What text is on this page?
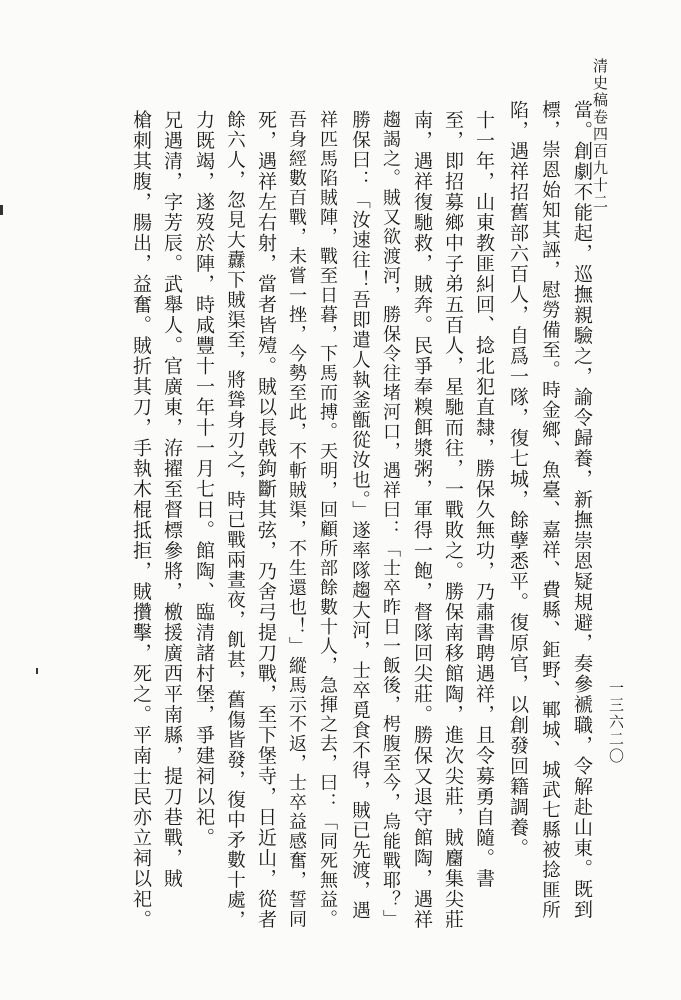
清史稿卷四百九十二
一三六二〇
當。創劇不能起，巡撫親驗之，諭令歸養，新撫崇恩疑規避，奏參褫職，令解赴山東。既到
標，崇恩始知其誣，慰勞備至。時金鄉、魚臺、嘉祥、費縣、鉅野、鄆城、城武七縣被捻匪所
陷，遇祥招舊部六百人，自爲一隊，復七城，餘孽悉平。復原官，以創發回籍調養。
十一年，山東教匪糾回、捻北犯直隸，勝保久無功，乃肅書聘遇祥，且令募勇自隨。書
至，即招募鄉中子弟五百人，星馳而往，一戰敗之。勝保南移館陶，進次尖莊，賊麕集尖莊
南，遇祥復馳救，賊奔。民爭奉糗餌漿粥，軍得一飽，督隊回尖莊。勝保又退守館陶，遇祥
趨謁之。賊又欲渡河，勝保令往堵河口，遇祥曰：「士卒昨日一飯後，枵腹至今，烏能戰耶？」
勝保曰：「汝速往！吾即遣人執釜甑從汝也。」遂率隊趨大河，士卒覓食不得，賊已先渡，遇
祥匹馬陷賊陣，戰至日暮，下馬而搏。天明，回顧所部餘數十人，急揮之去，曰：「同死無益。
吾身經數百戰，未嘗一挫，今勢至此，不斬賊渠，不生還也！」縱馬示不返，士卒益感奮，誓同
死，遇祥左右射，當者皆殪。賊以長戟鉤斷其弦，乃舍弓提刀戰，至下堡寺，日近山，從者
餘六人，忽見大纛下賊渠至，將聳身刃之，時已戰兩晝夜，飢甚，舊傷皆發，復中矛數十處，
力既竭，遂歿於陣，時咸豐十一年十一月七日。館陶、臨清諸村堡，爭建祠以祀。
兄遇清，字芳辰。武舉人。官廣東，洊擢至督標參將，檄援廣西平南縣，提刀巷戰，賊
槍刺其腹，腸出，益奮。賊折其刀，手執木棍抵拒，賊攢擊，死之。平南士民亦立祠以祀。
